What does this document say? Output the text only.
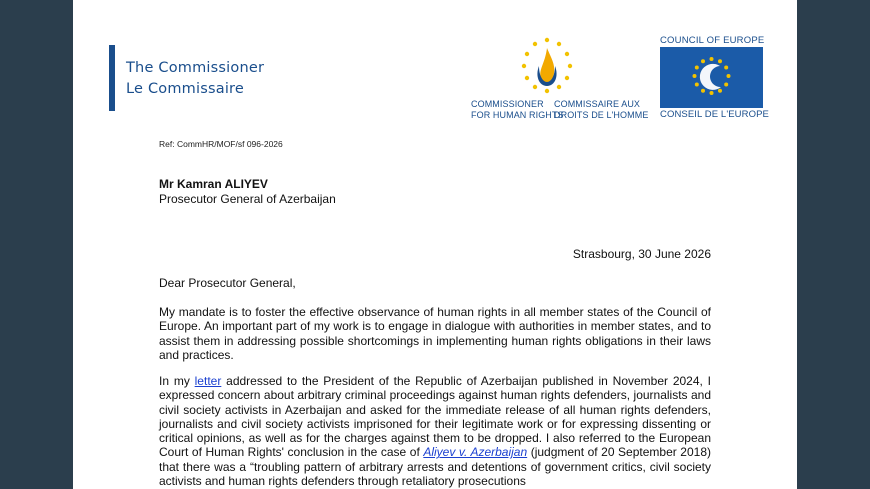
The Commissioner
Le Commissaire
COMMISSIONER
FOR HUMAN RIGHTS
COMMISSAIRE AUX
DROITS DE L'HOMME
COUNCIL OF EUROPE
CONSEIL DE L'EUROPE
Ref: CommHR/MOF/sf 096-2026
Mr Kamran ALIYEV
Prosecutor General of Azerbaijan
Strasbourg, 30 June 2026
Dear Prosecutor General,
My mandate is to foster the effective observance of human rights in all member states of the Council of Europe. An important part of my work is to engage in dialogue with authorities in member states, and to assist them in addressing possible shortcomings in implementing human rights obligations in their laws and practices.
In my letter addressed to the President of the Republic of Azerbaijan published in November 2024, I expressed concern about arbitrary criminal proceedings against human rights defenders, journalists and civil society activists in Azerbaijan and asked for the immediate release of all human rights defenders, journalists and civil society activists imprisoned for their legitimate work or for expressing dissenting or critical opinions, as well as for the charges against them to be dropped. I also referred to the European Court of Human Rights' conclusion in the case of Aliyev v. Azerbaijan (judgment of 20 September 2018) that there was a “troubling pattern of arbitrary arrests and detentions of government critics, civil society activists and human rights defenders through retaliatory prosecutions
